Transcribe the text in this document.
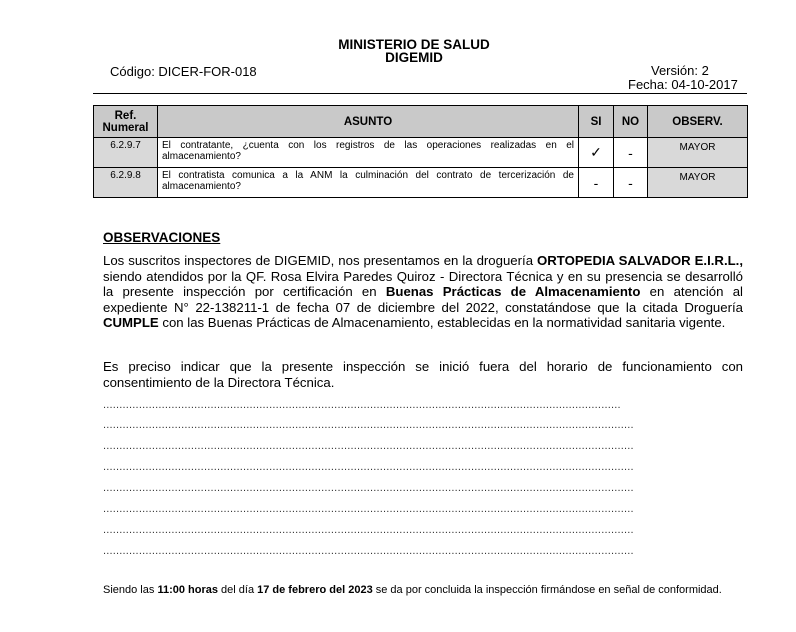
MINISTERIO DE SALUD
DIGEMID
Código: DICER-FOR-018	Versión: 2
Fecha: 04-10-2017
Ref. Numeral	ASUNTO	SI	NO	OBSERV.
6.2.9.7	El contratante, ¿cuenta con los registros de las operaciones realizadas en el almacenamiento?	✓	-	MAYOR
6.2.9.8	El contratista comunica a la ANM la culminación del contrato de tercerización de almacenamiento?	-	-	MAYOR
OBSERVACIONES
Los suscritos inspectores de DIGEMID, nos presentamos en la droguería ORTOPEDIA SALVADOR E.I.R.L., siendo atendidos por la QF. Rosa Elvira Paredes Quiroz - Directora Técnica y en su presencia se desarrolló la presente inspección por certificación en Buenas Prácticas de Almacenamiento en atención al expediente N° 22-138211-1 de fecha 07 de diciembre del 2022, constatándose que la citada Droguería CUMPLE con las Buenas Prácticas de Almacenamiento, establecidas en la normatividad sanitaria vigente.
Es preciso indicar que la presente inspección se inició fuera del horario de funcionamiento con consentimiento de la Directora Técnica.
...............................................................................................................................................................
...................................................................................................................................................................
...................................................................................................................................................................
...................................................................................................................................................................
...................................................................................................................................................................
...................................................................................................................................................................
...................................................................................................................................................................
...................................................................................................................................................................
Siendo las 11:00 horas del día 17 de febrero del 2023 se da por concluida la inspección firmándose en señal de conformidad.
